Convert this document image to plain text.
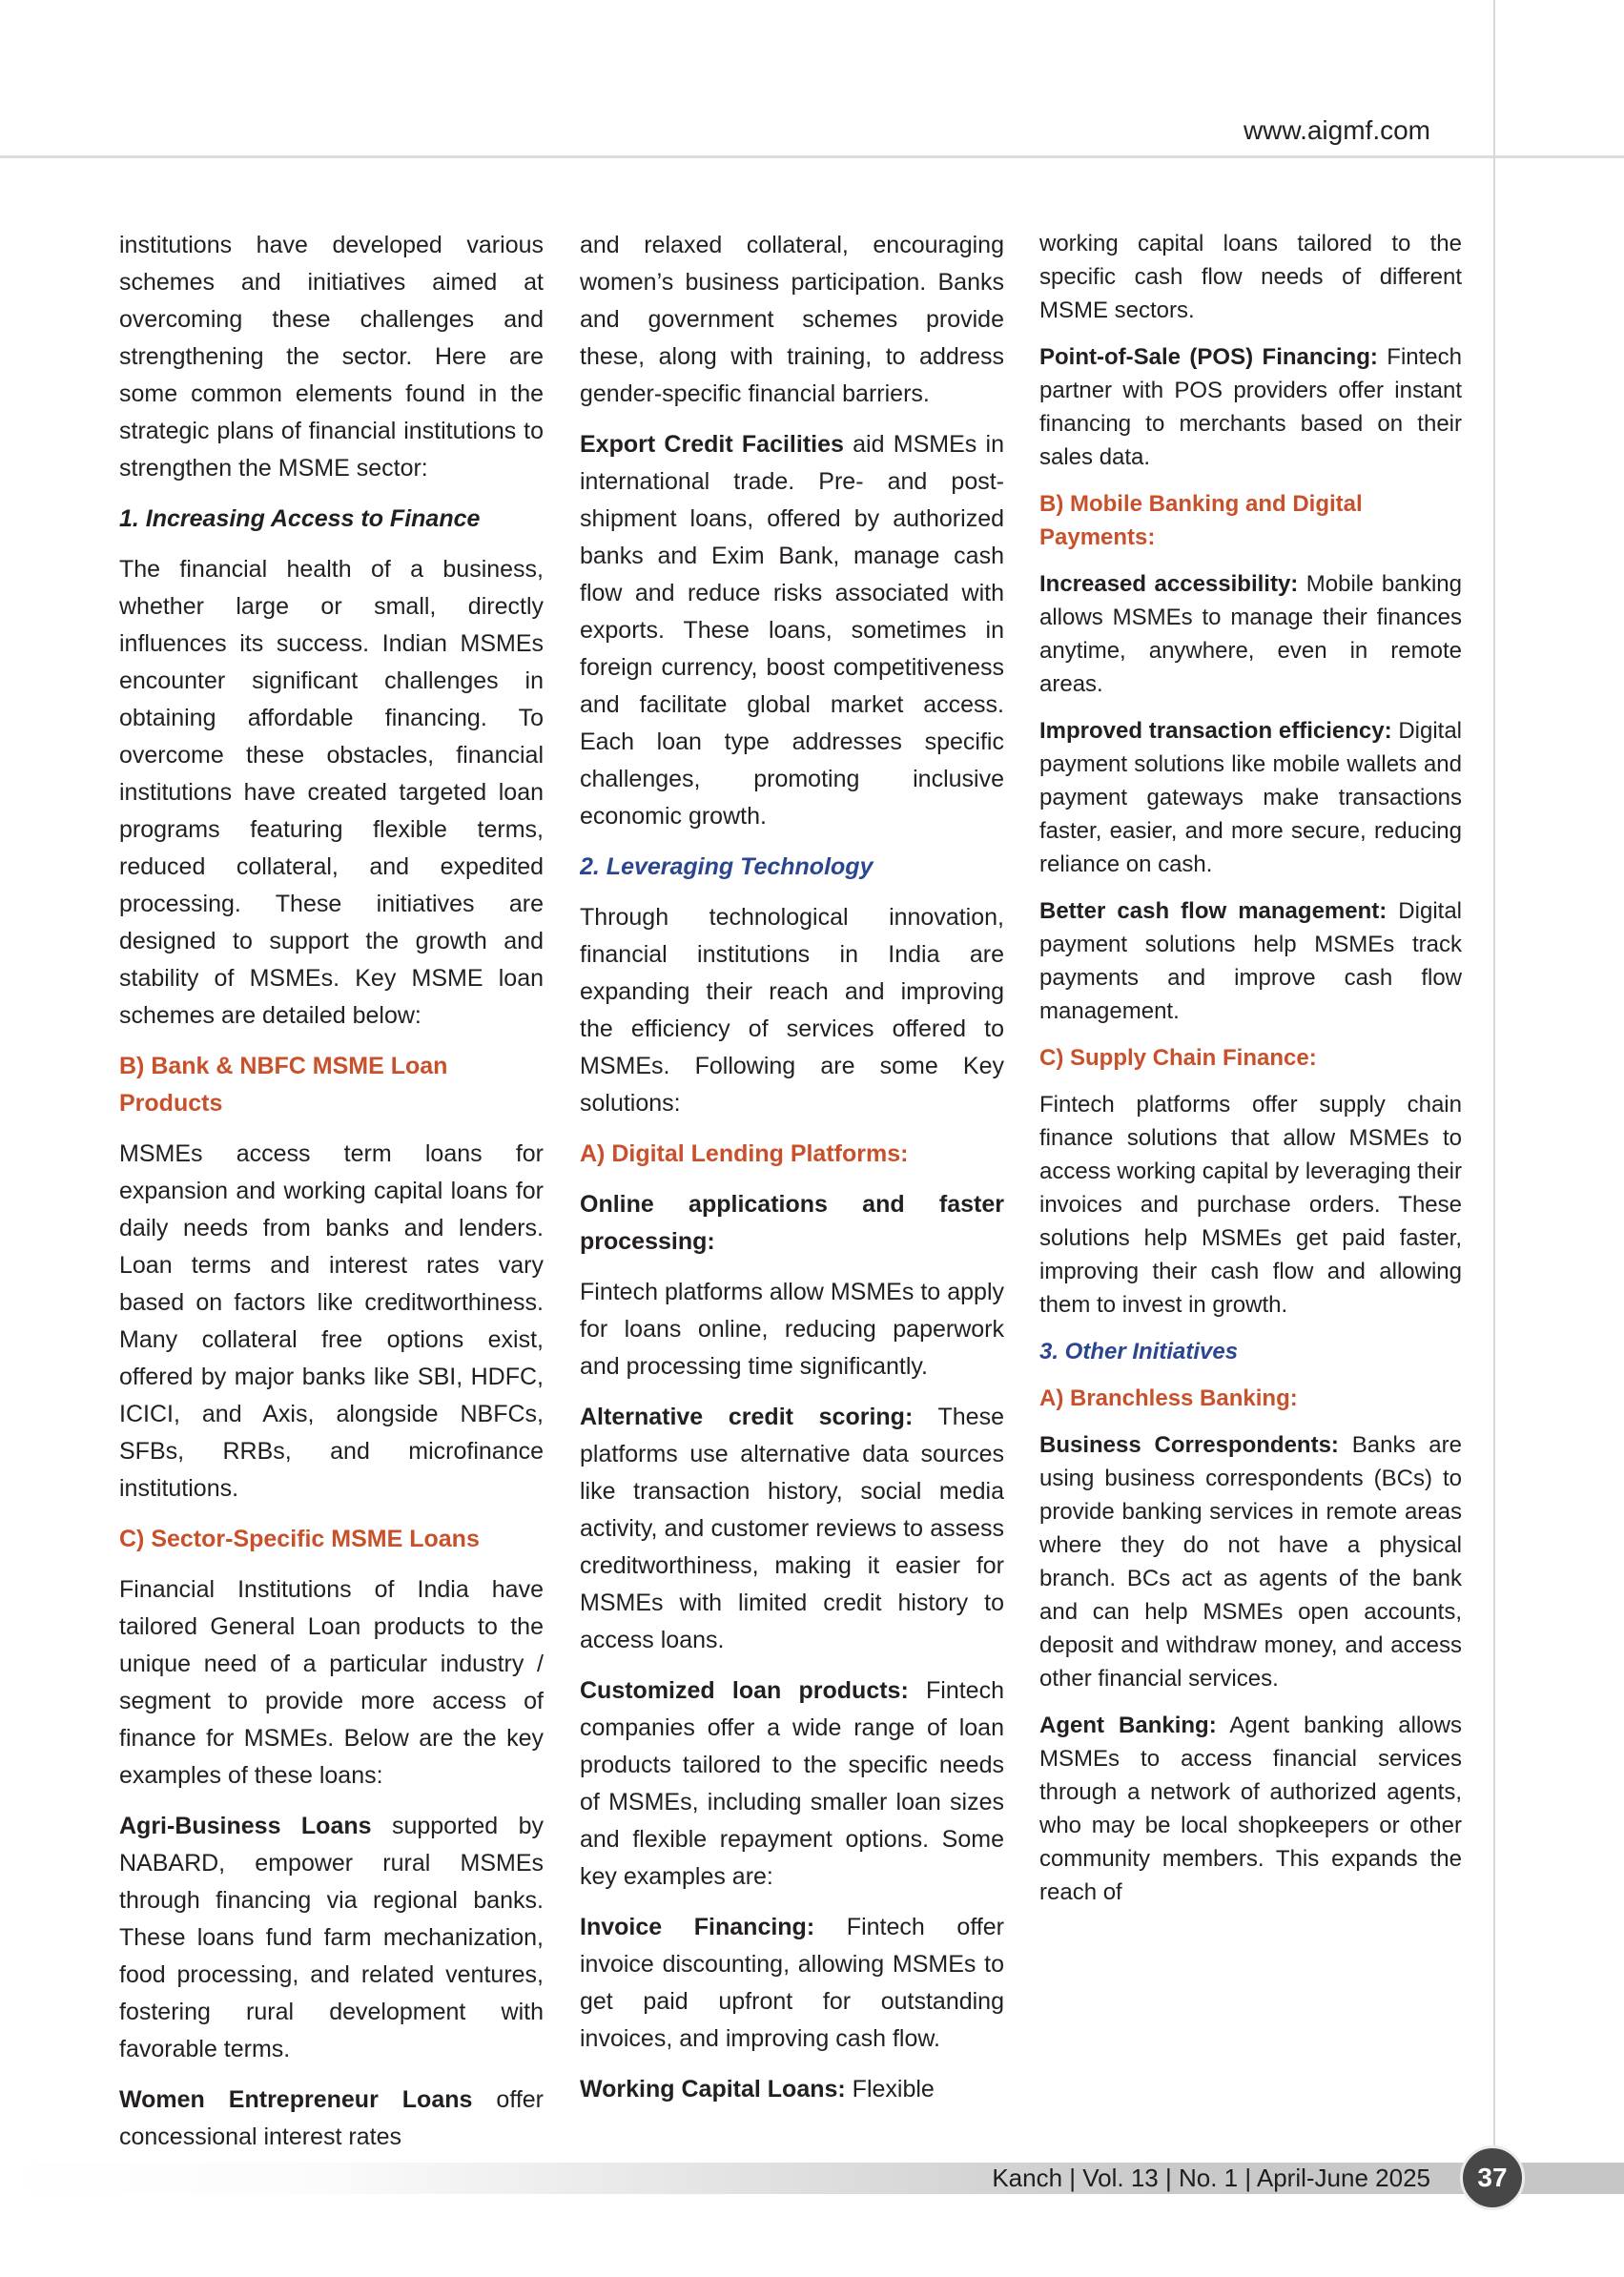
www.aigmf.com
institutions have developed various schemes and initiatives aimed at overcoming these challenges and strengthening the sector. Here are some common elements found in the strategic plans of financial institutions to strengthen the MSME sector:
1. Increasing Access to Finance
The financial health of a business, whether large or small, directly influences its success. Indian MSMEs encounter significant challenges in obtaining affordable financing. To overcome these obstacles, financial institutions have created targeted loan programs featuring flexible terms, reduced collateral, and expedited processing. These initiatives are designed to support the growth and stability of MSMEs. Key MSME loan schemes are detailed below:
B) Bank & NBFC MSME Loan Products
MSMEs access term loans for expansion and working capital loans for daily needs from banks and lenders. Loan terms and interest rates vary based on factors like creditworthiness. Many collateral free options exist, offered by major banks like SBI, HDFC, ICICI, and Axis, alongside NBFCs, SFBs, RRBs, and microfinance institutions.
C) Sector-Specific MSME Loans
Financial Institutions of India have tailored General Loan products to the unique need of a particular industry / segment to provide more access of finance for MSMEs. Below are the key examples of these loans:
Agri-Business Loans supported by NABARD, empower rural MSMEs through financing via regional banks. These loans fund farm mechanization, food processing, and related ventures, fostering rural development with favorable terms.
Women Entrepreneur Loans offer concessional interest rates
and relaxed collateral, encouraging women’s business participation. Banks and government schemes provide these, along with training, to address gender-specific financial barriers.
Export Credit Facilities aid MSMEs in international trade. Pre- and post-shipment loans, offered by authorized banks and Exim Bank, manage cash flow and reduce risks associated with exports. These loans, sometimes in foreign currency, boost competitiveness and facilitate global market access. Each loan type addresses specific challenges, promoting inclusive economic growth.
2. Leveraging Technology
Through technological innovation, financial institutions in India are expanding their reach and improving the efficiency of services offered to MSMEs. Following are some Key solutions:
A) Digital Lending Platforms:
Online applications and faster processing:
Fintech platforms allow MSMEs to apply for loans online, reducing paperwork and processing time significantly.
Alternative credit scoring: These platforms use alternative data sources like transaction history, social media activity, and customer reviews to assess creditworthiness, making it easier for MSMEs with limited credit history to access loans.
Customized loan products: Fintech companies offer a wide range of loan products tailored to the specific needs of MSMEs, including smaller loan sizes and flexible repayment options. Some key examples are:
Invoice Financing: Fintech offer invoice discounting, allowing MSMEs to get paid upfront for outstanding invoices, and improving cash flow.
Working Capital Loans: Flexible
working capital loans tailored to the specific cash flow needs of different MSME sectors.
Point-of-Sale (POS) Financing: Fintech partner with POS providers offer instant financing to merchants based on their sales data.
B) Mobile Banking and Digital Payments:
Increased accessibility: Mobile banking allows MSMEs to manage their finances anytime, anywhere, even in remote areas.
Improved transaction efficiency: Digital payment solutions like mobile wallets and payment gateways make transactions faster, easier, and more secure, reducing reliance on cash.
Better cash flow management: Digital payment solutions help MSMEs track payments and improve cash flow management.
C) Supply Chain Finance:
Fintech platforms offer supply chain finance solutions that allow MSMEs to access working capital by leveraging their invoices and purchase orders. These solutions help MSMEs get paid faster, improving their cash flow and allowing them to invest in growth.
3. Other Initiatives
A) Branchless Banking:
Business Correspondents: Banks are using business correspondents (BCs) to provide banking services in remote areas where they do not have a physical branch. BCs act as agents of the bank and can help MSMEs open accounts, deposit and withdraw money, and access other financial services.
Agent Banking: Agent banking allows MSMEs to access financial services through a network of authorized agents, who may be local shopkeepers or other community members. This expands the reach of
Kanch | Vol. 13 | No. 1 | April-June 2025 37
